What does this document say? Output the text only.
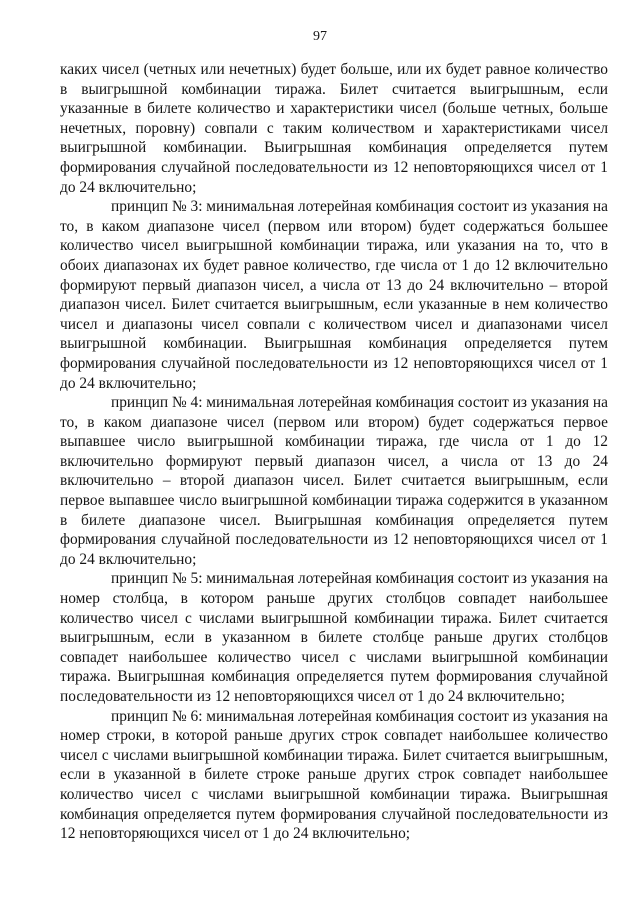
97

каких чисел (четных или нечетных) будет больше, или их будет равное количество в выигрышной комбинации тиража. Билет считается выигрышным, если указанные в билете количество и характеристики чисел (больше четных, больше нечетных, поровну) совпали с таким количеством и характеристиками чисел выигрышной комбинации. Выигрышная комбинация определяется путем формирования случайной последовательности из 12 неповторяющихся чисел от 1 до 24 включительно;

принцип № 3: минимальная лотерейная комбинация состоит из указания на то, в каком диапазоне чисел (первом или втором) будет содержаться большее количество чисел выигрышной комбинации тиража, или указания на то, что в обоих диапазонах их будет равное количество, где числа от 1 до 12 включительно формируют первый диапазон чисел, а числа от 13 до 24 включительно – второй диапазон чисел. Билет считается выигрышным, если указанные в нем количество чисел и диапазоны чисел совпали с количеством чисел и диапазонами чисел выигрышной комбинации. Выигрышная комбинация определяется путем формирования случайной последовательности из 12 неповторяющихся чисел от 1 до 24 включительно;

принцип № 4: минимальная лотерейная комбинация состоит из указания на то, в каком диапазоне чисел (первом или втором) будет содержаться первое выпавшее число выигрышной комбинации тиража, где числа от 1 до 12 включительно формируют первый диапазон чисел, а числа от 13 до 24 включительно – второй диапазон чисел. Билет считается выигрышным, если первое выпавшее число выигрышной комбинации тиража содержится в указанном в билете диапазоне чисел. Выигрышная комбинация определяется путем формирования случайной последовательности из 12 неповторяющихся чисел от 1 до 24 включительно;

принцип № 5: минимальная лотерейная комбинация состоит из указания на номер столбца, в котором раньше других столбцов совпадет наибольшее количество чисел с числами выигрышной комбинации тиража. Билет считается выигрышным, если в указанном в билете столбце раньше других столбцов совпадет наибольшее количество чисел с числами выигрышной комбинации тиража. Выигрышная комбинация определяется путем формирования случайной последовательности из 12 неповторяющихся чисел от 1 до 24 включительно;

принцип № 6: минимальная лотерейная комбинация состоит из указания на номер строки, в которой раньше других строк совпадет наибольшее количество чисел с числами выигрышной комбинации тиража. Билет считается выигрышным, если в указанной в билете строке раньше других строк совпадет наибольшее количество чисел с числами выигрышной комбинации тиража. Выигрышная комбинация определяется путем формирования случайной последовательности из 12 неповторяющихся чисел от 1 до 24 включительно;
